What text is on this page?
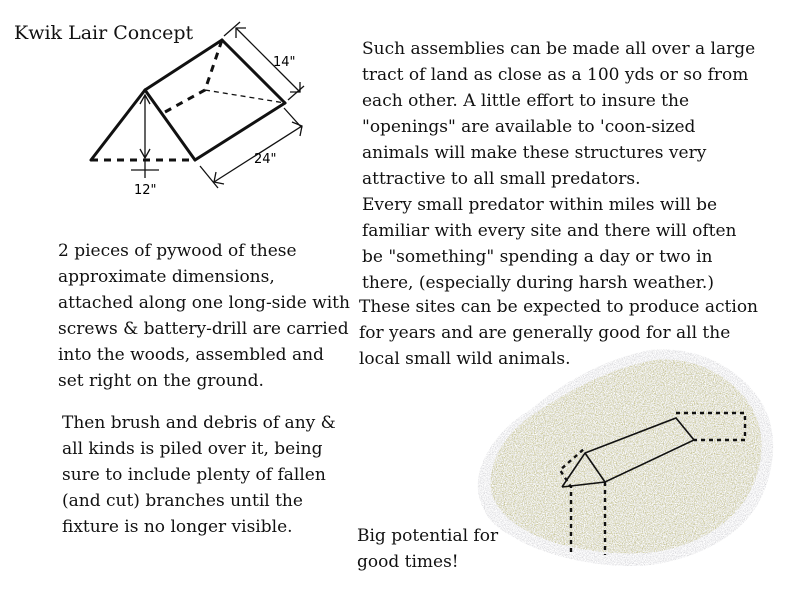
Kwik Lair Concept
14"
24"
12"
2 pieces of pywood of these
approximate dimensions,
attached along one long-side with
screws & battery-drill are carried
into the woods, assembled and
set right on the ground.
Then brush and debris of any &
all kinds is piled over it, being
sure to include plenty of fallen
(and cut) branches until the
fixture is no longer visible.
Such assemblies can be made all over a large
tract of land as close as a 100 yds or so from
each other. A little effort to insure the
"openings" are available to 'coon-sized
animals will make these structures very
attractive to all small predators.
Every small predator within miles will be
familiar with every site and there will often
be "something" spending a day or two in
there, (especially during harsh weather.)
These sites can be expected to produce action
for years and are generally good for all the
local small wild animals.
Big potential for
good times!
